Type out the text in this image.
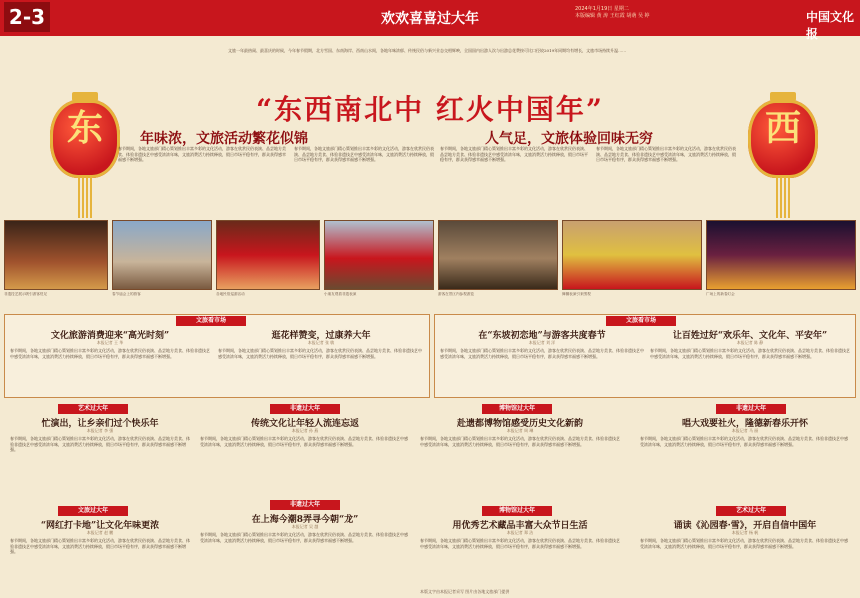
2-3	欢欢喜喜过大年
2024年1月19日 星期二
本版编辑 黄 涛 王红霞 胡萌 吴 婷	中国文化报
东	西
文旅一年最热闹、最喜庆的时候，今年春节假期，北方雪国、东南海岸、西南山水间，各地年味浓郁、传统民俗与新兴业态交相辉映，全国国内出游人次与出游总花费按可比口径较2019年同期均有增长，文旅市场持续升温……
“东西南北中 红火中国年”
年味浓，文旅活动繁花似锦	人气足，文旅体验回味无穷
春节期间，各地文旅部门精心策划推出丰富多彩的文化活动，游客在欣赏民俗表演、品尝地方美食、体验非遗技艺中感受浓浓年味，文旅消费活力持续释放，假日市场平稳有序，群众获得感幸福感不断增强。
春节期间，各地文旅部门精心策划推出丰富多彩的文化活动，游客在欣赏民俗表演、品尝地方美食、体验非遗技艺中感受浓浓年味，文旅消费活力持续释放，假日市场平稳有序，群众获得感幸福感不断增强。
春节期间，各地文旅部门精心策划推出丰富多彩的文化活动，游客在欣赏民俗表演、品尝地方美食、体验非遗技艺中感受浓浓年味，文旅消费活力持续释放，假日市场平稳有序，群众获得感幸福感不断增强。
春节期间，各地文旅部门精心策划推出丰富多彩的文化活动，游客在欣赏民俗表演、品尝地方美食、体验非遗技艺中感受浓浓年味，文旅消费活力持续释放，假日市场平稳有序，群众获得感幸福感不断增强。
非遗技艺展示吸引游客驻足	春节庙会上的游客	各地民俗巡游活动	小朋友观看非遗表演	游客在景区内参观游览	舞狮表演引来围观	广场上的新春灯会
文旅看市场	文旅看市场
文化旅游消费迎来“高光时刻”
本报记者 王 华
春节期间，各地文旅部门精心策划推出丰富多彩的文化活动，游客在欣赏民俗表演、品尝地方美食、体验非遗技艺中感受浓浓年味，文旅消费活力持续释放，假日市场平稳有序，群众获得感幸福感不断增强。
逛花样赞变，过康养大年
本报记者 张 敏
春节期间，各地文旅部门精心策划推出丰富多彩的文化活动，游客在欣赏民俗表演、品尝地方美食、体验非遗技艺中感受浓浓年味，文旅消费活力持续释放，假日市场平稳有序，群众获得感幸福感不断增强。
在“东坡初恋地”与游客共度春节
本报记者 刘 洋
春节期间，各地文旅部门精心策划推出丰富多彩的文化活动，游客在欣赏民俗表演、品尝地方美食、体验非遗技艺中感受浓浓年味，文旅消费活力持续释放，假日市场平稳有序，群众获得感幸福感不断增强。
让百姓过好“欢乐年、文化年、平安年”
本报记者 陈 静
春节期间，各地文旅部门精心策划推出丰富多彩的文化活动，游客在欣赏民俗表演、品尝地方美食、体验非遗技艺中感受浓浓年味，文旅消费活力持续释放，假日市场平稳有序，群众获得感幸福感不断增强。
艺术过大年
忙演出，让乡亲们过个快乐年
本报记者 李 强
春节期间，各地文旅部门精心策划推出丰富多彩的文化活动，游客在欣赏民俗表演、品尝地方美食、体验非遗技艺中感受浓浓年味，文旅消费活力持续释放，假日市场平稳有序，群众获得感幸福感不断增强。
非遗过大年
传统文化让年轻人流连忘返
本报记者 孙 燕
春节期间，各地文旅部门精心策划推出丰富多彩的文化活动，游客在欣赏民俗表演、品尝地方美食、体验非遗技艺中感受浓浓年味，文旅消费活力持续释放，假日市场平稳有序，群众获得感幸福感不断增强。
博物馆过大年
赴遗都博物馆感受历史文化新韵
本报记者 周 琳
春节期间，各地文旅部门精心策划推出丰富多彩的文化活动，游客在欣赏民俗表演、品尝地方美食、体验非遗技艺中感受浓浓年味，文旅消费活力持续释放，假日市场平稳有序，群众获得感幸福感不断增强。
非遗过大年
唱大戏要社火，隆德新春乐开怀
本报记者 马 丽
春节期间，各地文旅部门精心策划推出丰富多彩的文化活动，游客在欣赏民俗表演、品尝地方美食、体验非遗技艺中感受浓浓年味，文旅消费活力持续释放，假日市场平稳有序，群众获得感幸福感不断增强。
文旅过大年
“网红打卡地”让文化年味更浓
本报记者 赵 鹏
春节期间，各地文旅部门精心策划推出丰富多彩的文化活动，游客在欣赏民俗表演、品尝地方美食、体验非遗技艺中感受浓浓年味，文旅消费活力持续释放，假日市场平稳有序，群众获得感幸福感不断增强。
非遗过大年
在上海今潮8弄寻今朝“龙”
本报记者 吴 越
春节期间，各地文旅部门精心策划推出丰富多彩的文化活动，游客在欣赏民俗表演、品尝地方美食、体验非遗技艺中感受浓浓年味，文旅消费活力持续释放，假日市场平稳有序，群众获得感幸福感不断增强。
博物馆过大年
用优秀艺术藏品丰富大众节日生活
本报记者 郑 洁
春节期间，各地文旅部门精心策划推出丰富多彩的文化活动，游客在欣赏民俗表演、品尝地方美食、体验非遗技艺中感受浓浓年味，文旅消费活力持续释放，假日市场平稳有序，群众获得感幸福感不断增强。
艺术过大年
诵读《沁园春·雪》，开启自信中国年
本报记者 杨 帆
春节期间，各地文旅部门精心策划推出丰富多彩的文化活动，游客在欣赏民俗表演、品尝地方美食、体验非遗技艺中感受浓浓年味，文旅消费活力持续释放，假日市场平稳有序，群众获得感幸福感不断增强。
本版文字由本报记者采写 图片由各地文旅部门提供
